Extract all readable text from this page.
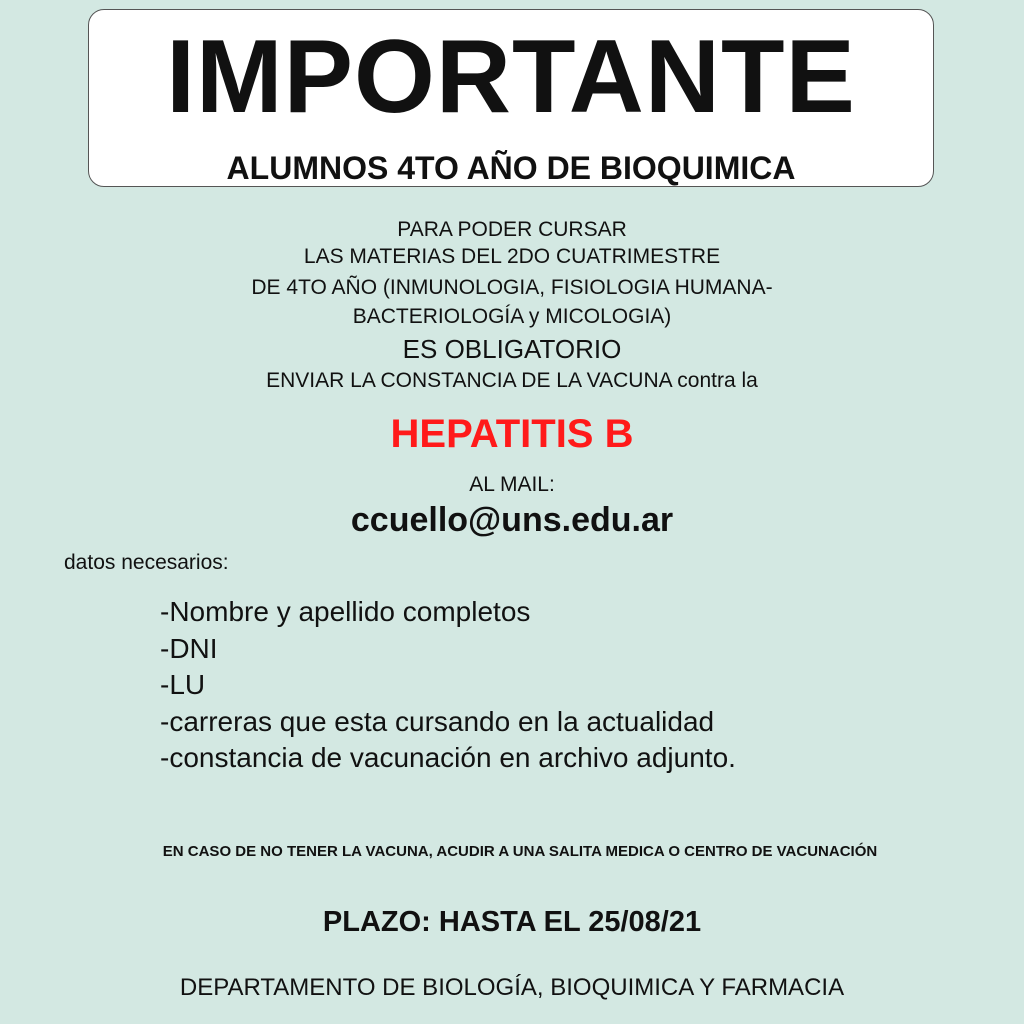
IMPORTANTE
ALUMNOS 4TO AÑO DE BIOQUIMICA
PARA PODER CURSAR
LAS MATERIAS DEL 2DO CUATRIMESTRE
DE 4TO AÑO (INMUNOLOGIA, FISIOLOGIA HUMANA-
BACTERIOLOGÍA y MICOLOGIA)
ES OBLIGATORIO
ENVIAR LA CONSTANCIA DE LA VACUNA contra la
HEPATITIS B
AL MAIL:
ccuello@uns.edu.ar
datos necesarios:
-Nombre y apellido completos
-DNI
-LU
-carreras que esta cursando en la actualidad
-constancia de vacunación en archivo adjunto.
EN CASO DE NO TENER LA VACUNA, ACUDIR A UNA SALITA MEDICA O CENTRO DE VACUNACIÓN
PLAZO: HASTA EL 25/08/21
DEPARTAMENTO DE BIOLOGÍA, BIOQUIMICA Y FARMACIA
